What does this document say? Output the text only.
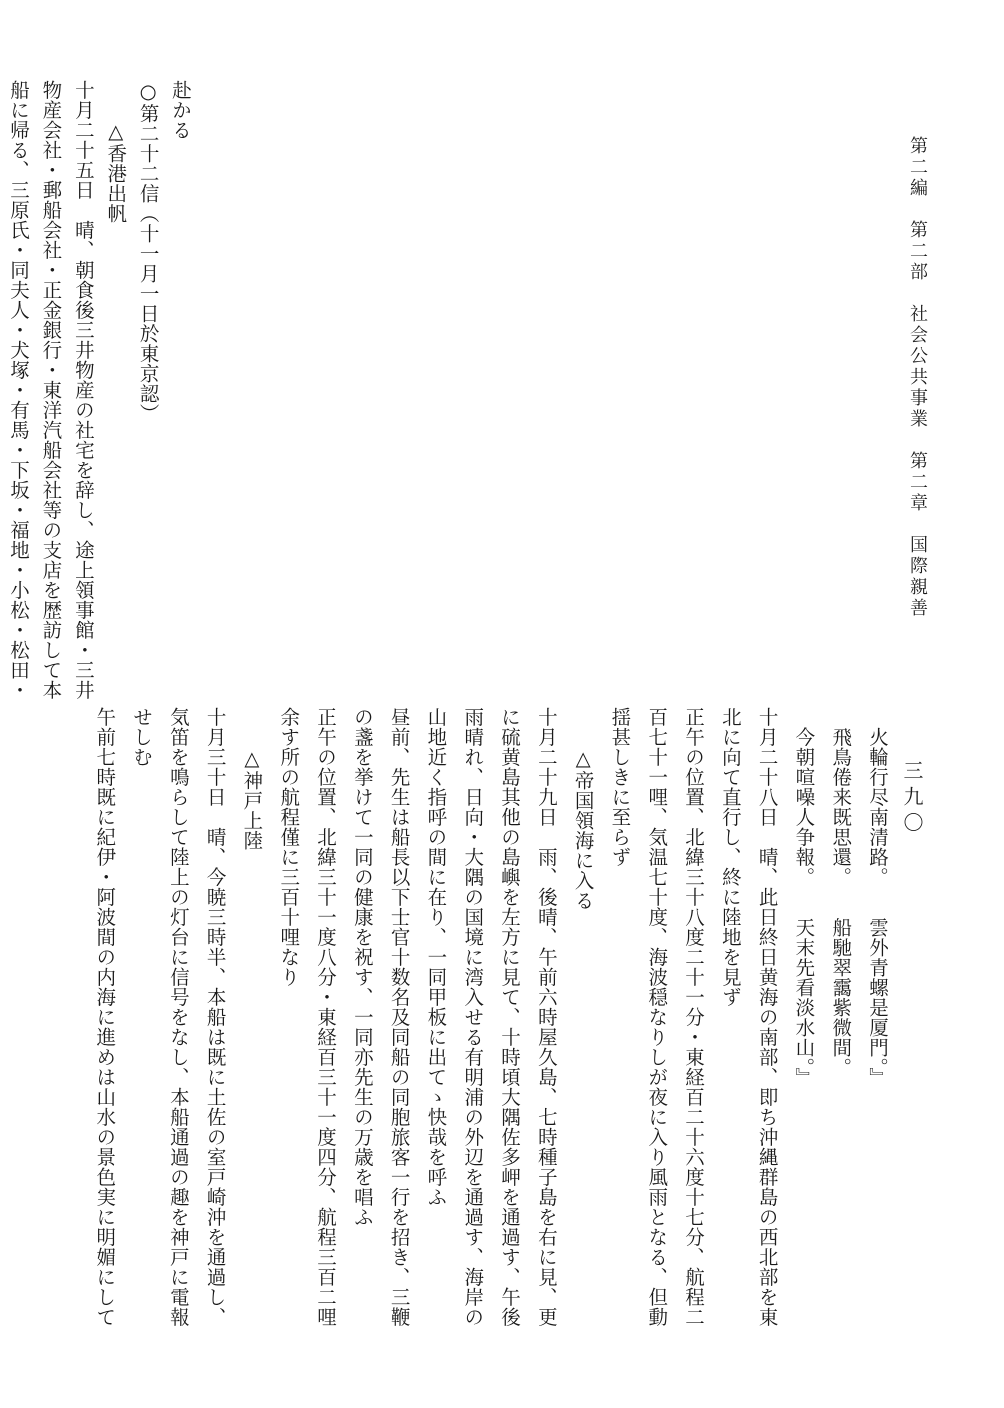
第二編　第二部　社会公共事業　第二章　国際親善
三九〇
赴かる
○第二十二信（十一月一日於東京認）
　　△香港出帆
十月二十五日　晴、朝食後三井物産の社宅を辞し、途上領事館・三井
物産会社・郵船会社・正金銀行・東洋汽船会社等の支店を歴訪して本
船に帰る、三原氏・同夫人・犬塚・有馬・下坂・福地・小松・松田・
　火輪行尽南清路。　　雲外青螺是厦門。』
　飛鳥倦来既思還。　　船馳翠靄紫微間。
　今朝喧噪人争報。　　天末先看淡水山。』
十月二十八日　晴、此日終日黄海の南部、即ち沖縄群島の西北部を東
北に向て直行し、終に陸地を見ず
正午の位置、北緯三十八度二十一分・東経百二十六度十七分、航程二
百七十一哩、気温七十度、海波穏なりしが夜に入り風雨となる、但動
揺甚しきに至らず
　　△帝国領海に入る
十月二十九日　雨、後晴、午前六時屋久島、七時種子島を右に見、更
に硫黄島其他の島嶼を左方に見て、十時頃大隅佐多岬を通過す、午後
雨晴れ、日向・大隅の国境に湾入せる有明浦の外辺を通過す、海岸の
山地近く指呼の間に在り、一同甲板に出てゝ快哉を呼ふ
昼前、先生は船長以下士官十数名及同船の同胞旅客一行を招き、三鞭
の盞を挙けて一同の健康を祝す、一同亦先生の万歳を唱ふ
正午の位置、北緯三十一度八分・東経百三十一度四分、航程三百二哩
余す所の航程僅に三百十哩なり
　　△神戸上陸
十月三十日　晴、今暁三時半、本船は既に土佐の室戸崎沖を通過し、
気笛を鳴らして陸上の灯台に信号をなし、本船通過の趣を神戸に電報
せしむ
午前七時既に紀伊・阿波間の内海に進めは山水の景色実に明媚にして
